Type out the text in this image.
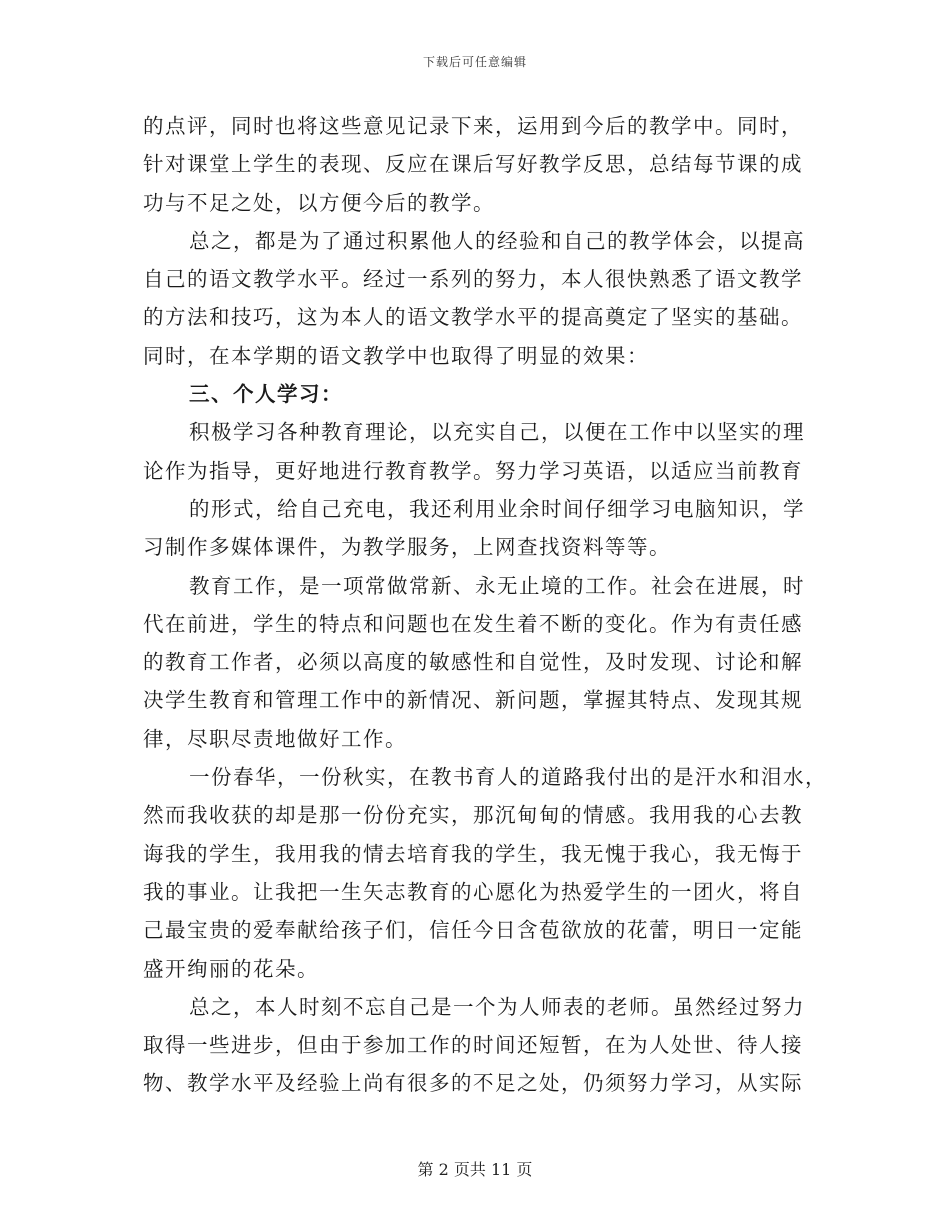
下载后可任意编辑
的点评，同时也将这些意见记录下来，运用到今后的教学中。同时，
针对课堂上学生的表现、反应在课后写好教学反思，总结每节课的成
功与不足之处，以方便今后的教学。
总之，都是为了通过积累他人的经验和自己的教学体会，以提高
自己的语文教学水平。经过一系列的努力，本人很快熟悉了语文教学
的方法和技巧，这为本人的语文教学水平的提高奠定了坚实的基础。
同时，在本学期的语文教学中也取得了明显的效果：
三、个人学习：
积极学习各种教育理论，以充实自己，以便在工作中以坚实的理
论作为指导，更好地进行教育教学。努力学习英语，以适应当前教育
的形式，给自己充电，我还利用业余时间仔细学习电脑知识，学
习制作多媒体课件，为教学服务，上网查找资料等等。
教育工作，是一项常做常新、永无止境的工作。社会在进展，时
代在前进，学生的特点和问题也在发生着不断的变化。作为有责任感
的教育工作者，必须以高度的敏感性和自觉性，及时发现、讨论和解
决学生教育和管理工作中的新情况、新问题，掌握其特点、发现其规
律，尽职尽责地做好工作。
一份春华，一份秋实，在教书育人的道路我付出的是汗水和泪水，
然而我收获的却是那一份份充实，那沉甸甸的情感。我用我的心去教
诲我的学生，我用我的情去培育我的学生，我无愧于我心，我无悔于
我的事业。让我把一生矢志教育的心愿化为热爱学生的一团火，将自
己最宝贵的爱奉献给孩子们，信任今日含苞欲放的花蕾，明日一定能
盛开绚丽的花朵。
总之，本人时刻不忘自己是一个为人师表的老师。虽然经过努力
取得一些进步，但由于参加工作的时间还短暂，在为人处世、待人接
物、教学水平及经验上尚有很多的不足之处，仍须努力学习，从实际
第 2 页共 11 页
